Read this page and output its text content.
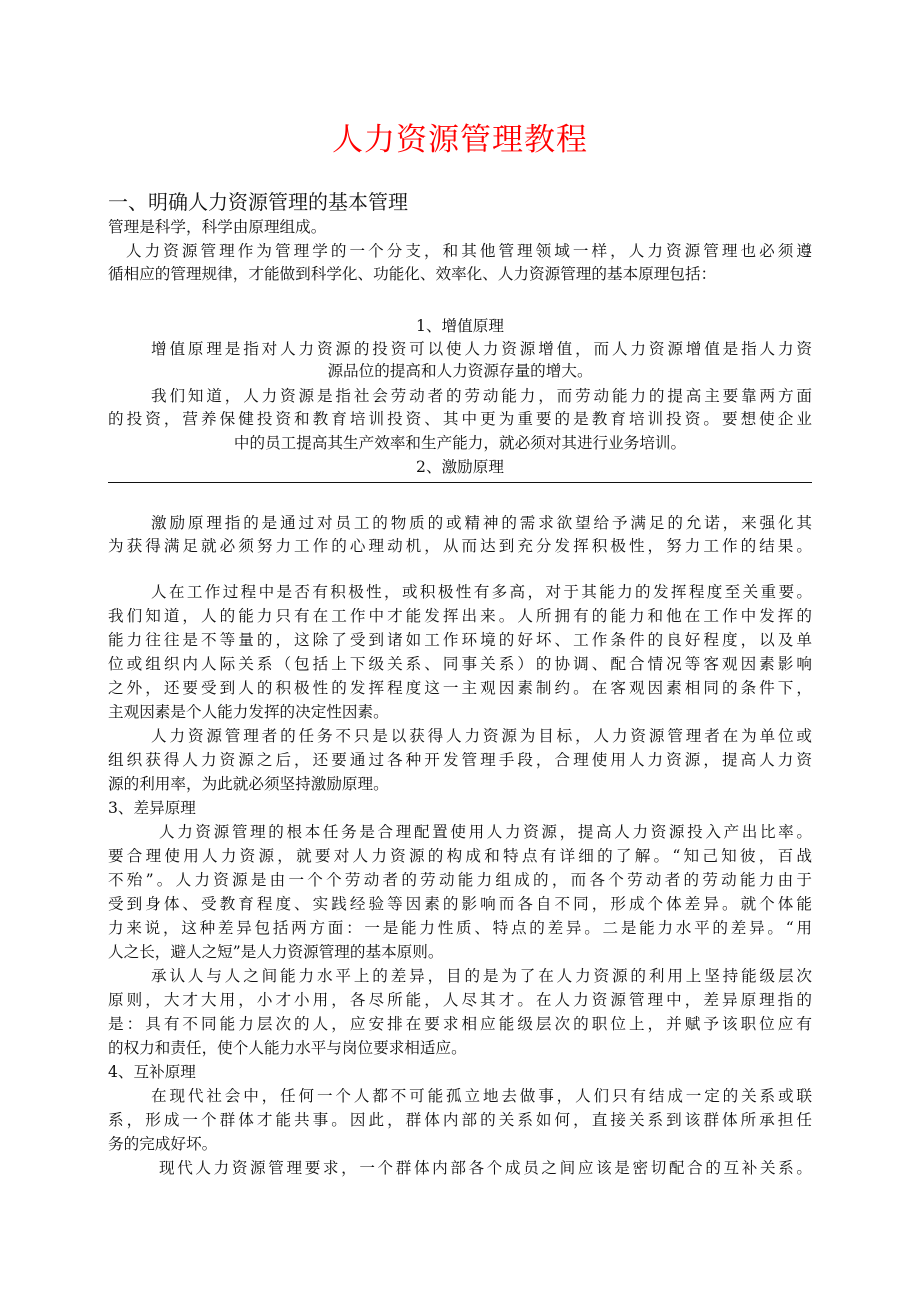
人力资源管理教程
一、明确人力资源管理的基本管理
管理是科学，科学由原理组成。
人力资源管理作为管理学的一个分支，和其他管理领域一样，人力资源管理也必须遵
循相应的管理规律，才能做到科学化、功能化、效率化、人力资源管理的基本原理包括：
1、增值原理
增值原理是指对人力资源的投资可以使人力资源增值，而人力资源增值是指人力资
源品位的提高和人力资源存量的增大。
我们知道，人力资源是指社会劳动者的劳动能力，而劳动能力的提高主要靠两方面
的投资，营养保健投资和教育培训投资、其中更为重要的是教育培训投资。要想使企业
中的员工提高其生产效率和生产能力，就必须对其进行业务培训。
2、激励原理
激励原理指的是通过对员工的物质的或精神的需求欲望给予满足的允诺，来强化其
为获得满足就必须努力工作的心理动机，从而达到充分发挥积极性，努力工作的结果。
人在工作过程中是否有积极性，或积极性有多高，对于其能力的发挥程度至关重要。
我们知道，人的能力只有在工作中才能发挥出来。人所拥有的能力和他在工作中发挥的
能力往往是不等量的，这除了受到诸如工作环境的好坏、工作条件的良好程度，以及单
位或组织内人际关系（包括上下级关系、同事关系）的协调、配合情况等客观因素影响
之外，还要受到人的积极性的发挥程度这一主观因素制约。在客观因素相同的条件下，
主观因素是个人能力发挥的决定性因素。
人力资源管理者的任务不只是以获得人力资源为目标，人力资源管理者在为单位或
组织获得人力资源之后，还要通过各种开发管理手段，合理使用人力资源，提高人力资
源的利用率，为此就必须坚持激励原理。
3、差异原理
人力资源管理的根本任务是合理配置使用人力资源，提高人力资源投入产出比率。
要合理使用人力资源，就要对人力资源的构成和特点有详细的了解。“知己知彼，百战
不殆”。人力资源是由一个个劳动者的劳动能力组成的，而各个劳动者的劳动能力由于
受到身体、受教育程度、实践经验等因素的影响而各自不同，形成个体差异。就个体能
力来说，这种差异包括两方面：一是能力性质、特点的差异。二是能力水平的差异。“用
人之长，避人之短”是人力资源管理的基本原则。
承认人与人之间能力水平上的差异，目的是为了在人力资源的利用上坚持能级层次
原则，大才大用，小才小用，各尽所能，人尽其才。在人力资源管理中，差异原理指的
是：具有不同能力层次的人，应安排在要求相应能级层次的职位上，并赋予该职位应有
的权力和责任，使个人能力水平与岗位要求相适应。
4、互补原理
在现代社会中，任何一个人都不可能孤立地去做事，人们只有结成一定的关系或联
系，形成一个群体才能共事。因此，群体内部的关系如何，直接关系到该群体所承担任
务的完成好坏。
现代人力资源管理要求，一个群体内部各个成员之间应该是密切配合的互补关系。
